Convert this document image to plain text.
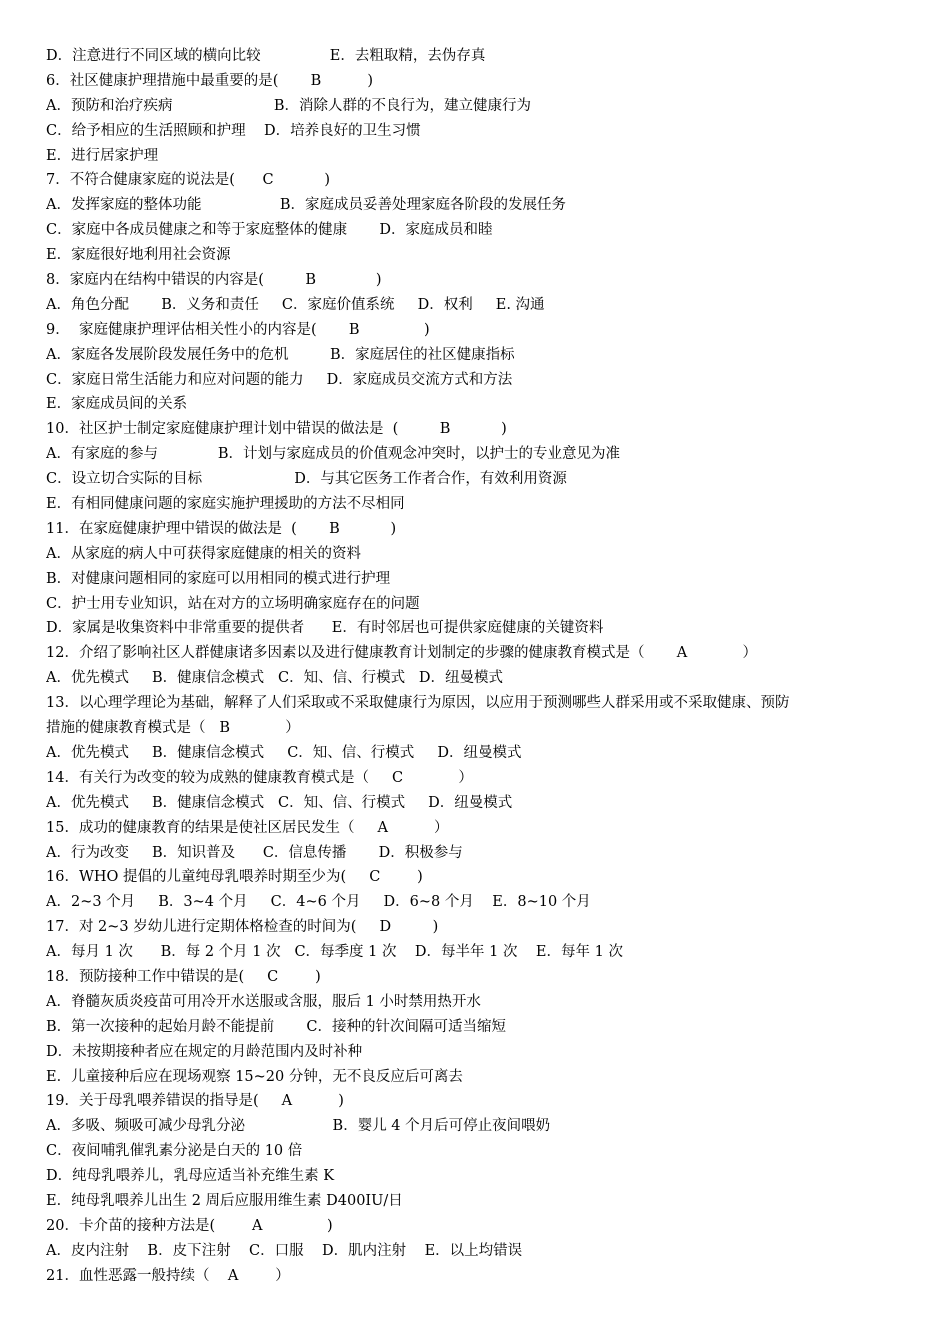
D．注意进行不同区域的横向比较               E．去粗取精，去伪存真
6．社区健康护理措施中最重要的是(       B          )
A．预防和治疗疾病                      B．消除人群的不良行为，建立健康行为
C．给予相应的生活照顾和护理    D．培养良好的卫生习惯
E．进行居家护理
7．不符合健康家庭的说法是(      C           )
A．发挥家庭的整体功能                 B．家庭成员妥善处理家庭各阶段的发展任务
C．家庭中各成员健康之和等于家庭整体的健康       D．家庭成员和睦
E．家庭很好地利用社会资源
8．家庭内在结构中错误的内容是(         B             )
A．角色分配       B．义务和责任     C．家庭价值系统     D．权利     E. 沟通
9．  家庭健康护理评估相关性小的内容是(       B              )
A．家庭各发展阶段发展任务中的危机         B．家庭居住的社区健康指标
C．家庭日常生活能力和应对问题的能力     D．家庭成员交流方式和方法
E．家庭成员间的关系
10．社区护士制定家庭健康护理计划中错误的做法是  (         B           )
A．有家庭的参与             B．计划与家庭成员的价值观念冲突时，以护士的专业意见为准
C．设立切合实际的目标                    D．与其它医务工作者合作，有效利用资源
E．有相同健康问题的家庭实施护理援助的方法不尽相同
11．在家庭健康护理中错误的做法是  (       B           )
A．从家庭的病人中可获得家庭健康的相关的资料
B．对健康问题相同的家庭可以用相同的模式进行护理
C．护士用专业知识，站在对方的立场明确家庭存在的问题
D．家属是收集资料中非常重要的提供者      E．有时邻居也可提供家庭健康的关键资料
12．介绍了影响社区人群健康诸多因素以及进行健康教育计划制定的步骤的健康教育模式是（       A            ）
A．优先模式     B．健康信念模式   C．知、信、行模式   D．纽曼模式
13．以心理学理论为基础，解释了人们采取或不采取健康行为原因，以应用于预测哪些人群采用或不采取健康、预防
措施的健康教育模式是（   B            ）
A．优先模式     B．健康信念模式     C．知、信、行模式     D．纽曼模式
14．有关行为改变的较为成熟的健康教育模式是（     C            ）
A．优先模式     B．健康信念模式   C．知、信、行模式     D．纽曼模式
15．成功的健康教育的结果是使社区居民发生（     A          ）
A．行为改变     B．知识普及      C．信息传播       D．积极参与
16．WHO 提倡的儿童纯母乳喂养时期至少为(     C        )
A．2~3 个月     B．3~4 个月     C．4~6 个月     D．6~8 个月    E．8~10 个月
17．对 2~3 岁幼儿进行定期体格检查的时间为(     D         )
A．每月 1 次      B．每 2 个月 1 次   C．每季度 1 次    D．每半年 1 次    E．每年 1 次
18．预防接种工作中错误的是(     C        )
A．脊髓灰质炎疫苗可用冷开水送服或含服，服后 1 小时禁用热开水
B．第一次接种的起始月龄不能提前       C．接种的针次间隔可适当缩短
D．未按期接种者应在规定的月龄范围内及时补种
E．儿童接种后应在现场观察 15~20 分钟，无不良反应后可离去
19．关于母乳喂养错误的指导是(     A          )
A．多吸、频吸可减少母乳分泌                   B．婴儿 4 个月后可停止夜间喂奶
C．夜间哺乳催乳素分泌是白天的 10 倍
D．纯母乳喂养儿，乳母应适当补充维生素 K
E．纯母乳喂养儿出生 2 周后应服用维生素 D400IU/日
20．卡介苗的接种方法是(        A              )
A．皮内注射    B．皮下注射    C．口服    D．肌内注射    E．以上均错误
21．血性恶露一般持续（    A        ）
